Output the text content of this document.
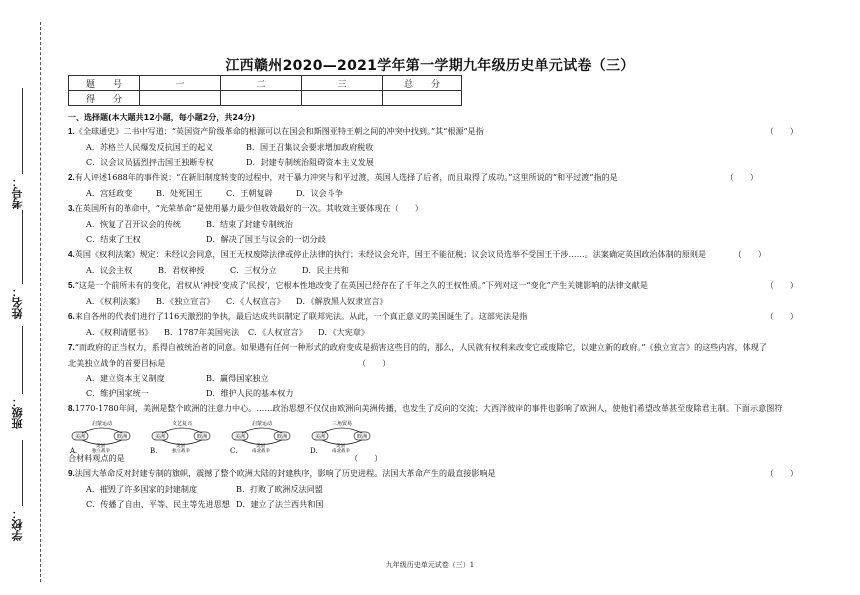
考号：
姓名：
班级：
学校：
江西赣州2020—2021学年第一学期九年级历史单元试卷（三）
题　　号	一	二	三	总　　分
得　　分				
一、选择题(本大题共12小题，每小题2分，共24分)
1.《全球通史》二书中写道：“英国资产阶级革命的根源可以在国会和斯图亚特王朝之间的冲突中找到。”其“根源”是指	（　　）
A．苏格兰人民爆发反抗国王的起义	B．国王召集议会要求增加政府税收
C．议会议员猛烈抨击国王独断专权	D．封建专制统治阻碍资本主义发展
2.有人评述1688年的事件说：“在新旧制度转变的过程中，对于暴力冲突与和平过渡，英国人选择了后者，而且取得了成功。”这里所说的“和平过渡”指的是	（　　）
A．宫廷政变	B．处死国王	C．王朝复辟	D．议会斗争
3.在英国所有的革命中，“光荣革命”是使用暴力最少但收效最好的一次。其收效主要体现在（　　）
A．恢复了召开议会的传统	B．结束了封建专制统治
C．结束了王权	D．解决了国王与议会的一切分歧
4.英国《权利法案》规定：未经议会同意，国王无权废除法律或停止法律的执行；未经议会允许，国王不能征税；议会议员选举不受国王干涉……。法案确定英国政治体制的原则是	（　　）
A．议会主权	B．君权神授	C．三权分立	D．民主共和
5.“这是一个前所未有的变化，君权从‘神授’变成了‘民授’，它根本性地改变了在英国已经存在了千年之久的王权性质。”下列对这一“变化”产生关键影响的法律文献是	（　　）
A．《权利法案》	B．《独立宣言》	C．《人权宣言》	D．《解放黑人奴隶宣言》
6.来自各州的代表们进行了116天激烈的争执，最后达成共识制定了联邦宪法。从此，一个真正意义的美国诞生了。这部宪法是指	（　　）
A．《权利请愿书》	B．1787年美国宪法	C．《人权宣言》	D．《大宪章》
7.“而政府的正当权力，系得自被统治者的同意。如果遇有任何一种形式的政府变成是损害这些目的的，那么，人民就有权利来改变它或废除它，以建立新的政府。”《独立宣言》的这些内容，体现了
北美独立战争的首要目标是	（　　）
A．建立资本主义制度	B．赢得国家独立
C．维护国家统一	D．维护人民的基本权力
8.1770-1780年间，美洲是整个欧洲的注意力中心。……政治思想不仅仅由欧洲向美洲传播，也发生了反向的交流；大西洋彼岸的事件也影响了欧洲人，使他们希望改革甚至废除君主制。下面示意图符
A.
启蒙运动
美洲	欧洲
美国
独立战争	B.
文艺复兴
美洲	欧洲
美国
独立战争	C.
启蒙运动
美洲	欧洲
美国
南北战争	D.
三角贸易
美洲	欧洲
美国
南北战争
合材料观点的是	（　　）
9.法国大革命反对封建专制的旗帜，震撼了整个欧洲大陆的封建秩序，影响了历史进程。法国大革命产生的最直接影响是	（　　）
A．摧毁了许多国家的封建制度	B．打败了欧洲反法同盟
C．传播了自由、平等、民主等先进思想 D．建立了法兰西共和国
九年级历史单元试卷（三）1
